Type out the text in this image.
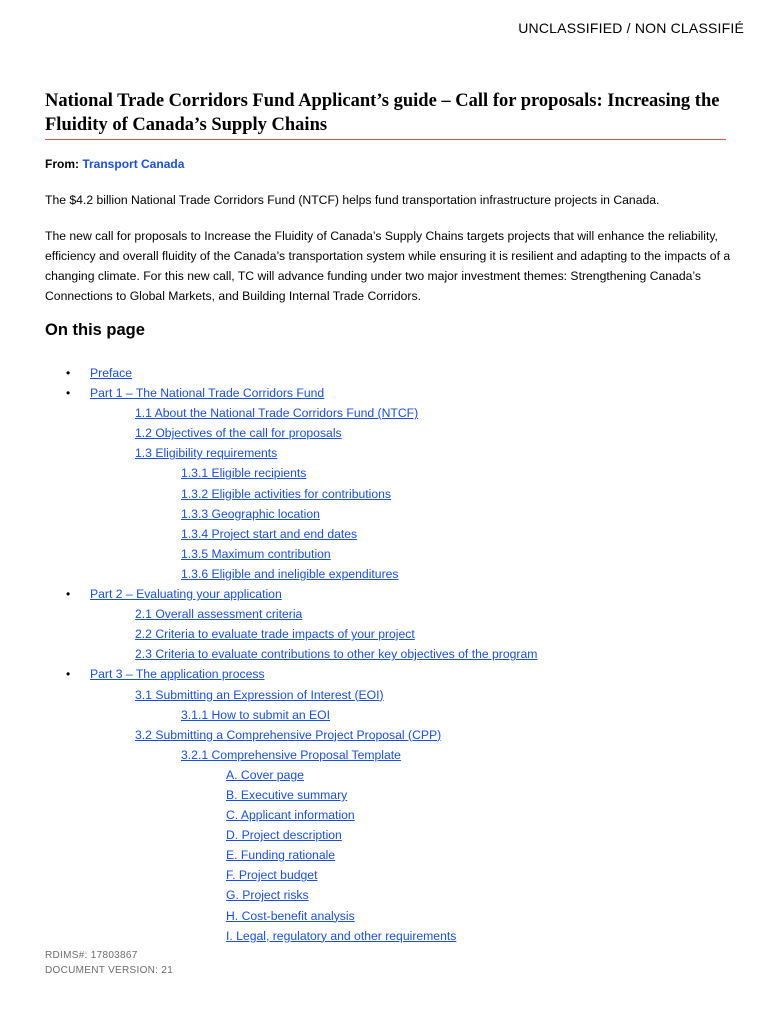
UNCLASSIFIED / NON CLASSIFIÉ
National Trade Corridors Fund Applicant’s guide – Call for proposals: Increasing the Fluidity of Canada’s Supply Chains
From: Transport Canada

The $4.2 billion National Trade Corridors Fund (NTCF) helps fund transportation infrastructure projects in Canada.

The new call for proposals to Increase the Fluidity of Canada’s Supply Chains targets projects that will enhance the reliability, efficiency and overall fluidity of the Canada’s transportation system while ensuring it is resilient and adapting to the impacts of a changing climate. For this new call, TC will advance funding under two major investment themes: Strengthening Canada’s Connections to Global Markets, and Building Internal Trade Corridors.

On this page
• Preface
• Part 1 – The National Trade Corridors Fund
1.1 About the National Trade Corridors Fund (NTCF)
1.2 Objectives of the call for proposals
1.3 Eligibility requirements
1.3.1 Eligible recipients
1.3.2 Eligible activities for contributions
1.3.3 Geographic location
1.3.4 Project start and end dates
1.3.5 Maximum contribution
1.3.6 Eligible and ineligible expenditures
• Part 2 – Evaluating your application
2.1 Overall assessment criteria
2.2 Criteria to evaluate trade impacts of your project
2.3 Criteria to evaluate contributions to other key objectives of the program
• Part 3 – The application process
3.1 Submitting an Expression of Interest (EOI)
3.1.1 How to submit an EOI
3.2 Submitting a Comprehensive Project Proposal (CPP)
3.2.1 Comprehensive Proposal Template
A. Cover page
B. Executive summary
C. Applicant information
D. Project description
E. Funding rationale
F. Project budget
G. Project risks
H. Cost-benefit analysis
I. Legal, regulatory and other requirements
RDIMS#: 17803867
DOCUMENT VERSION: 21
